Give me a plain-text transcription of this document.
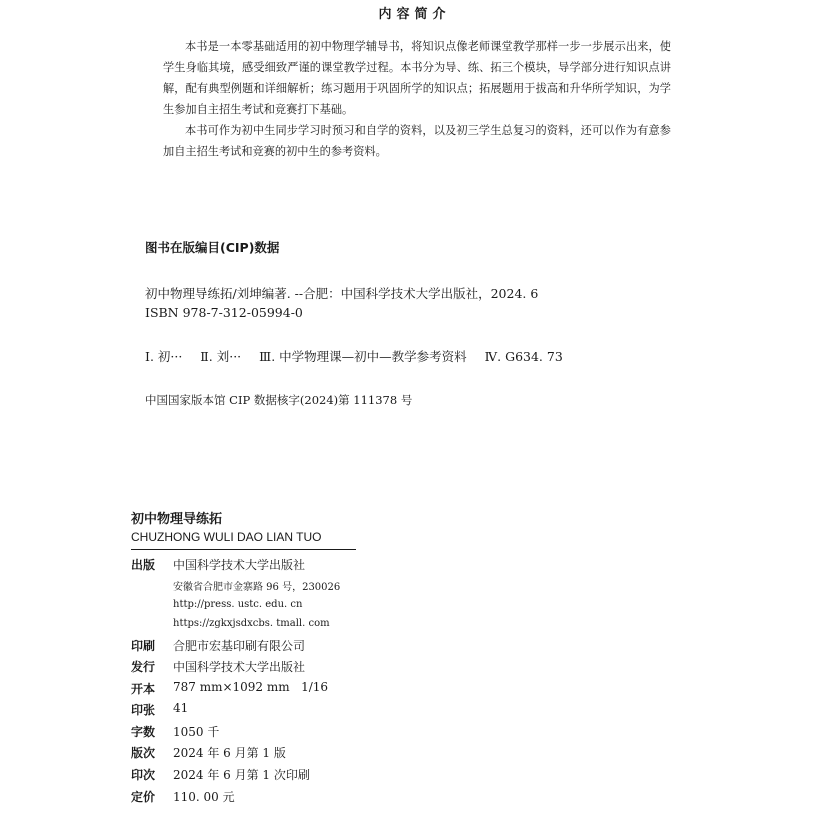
内容简介

本书是一本零基础适用的初中物理学辅导书，将知识点像老师课堂教学那样一步一步展示出来，使学生身临其境，感受细致严谨的课堂教学过程。本书分为导、练、拓三个模块，导学部分进行知识点讲解，配有典型例题和详细解析；练习题用于巩固所学的知识点；拓展题用于拔高和升华所学知识，为学生参加自主招生考试和竞赛打下基础。

本书可作为初中生同步学习时预习和自学的资料，以及初三学生总复习的资料，还可以作为有意参加自主招生考试和竞赛的初中生的参考资料。

图书在版编目(CIP)数据
初中物理导练拓/刘坤编著. --合肥：中国科学技术大学出版社，2024. 6
ISBN 978-7-312-05994-0
Ⅰ. 初··· Ⅱ. 刘··· Ⅲ. 中学物理课—初中—教学参考资料 Ⅳ. G634. 73
中国国家版本馆 CIP 数据核字(2024)第 111378 号
初中物理导练拓
CHUZHONG WULI DAO LIAN TUO
出版 中国科学技术大学出版社
安徽省合肥市金寨路 96 号，230026
http://press. ustc. edu. cn
https://zgkxjsdxcbs. tmall. com
印刷 合肥市宏基印刷有限公司
发行 中国科学技术大学出版社
开本 787 mm×1092 mm   1/16
印张 41
字数 1050 千
版次 2024 年 6 月第 1 版
印次 2024 年 6 月第 1 次印刷
定价 110. 00 元
